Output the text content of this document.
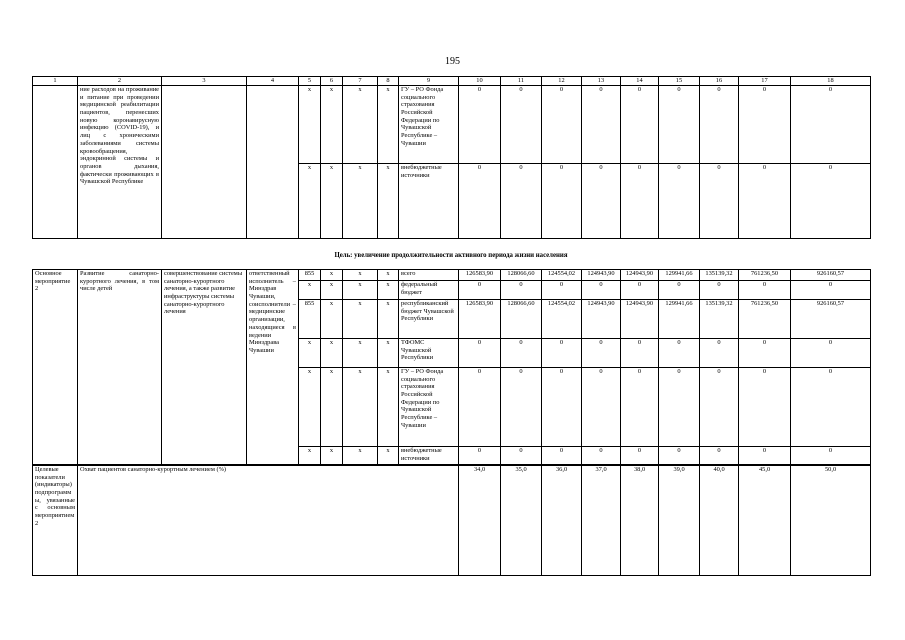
195
1	2	3	4	5	6	7	8	9	10	11	12	13	14	15	16	17	18
	ние расходов на проживание и питание при проведении медицинской реабилитации пациентов, перенесших новую коронавирусную инфекцию (COVID-19), и лиц с хроническими заболеваниями системы кровообращения, эндокринной системы и органов дыхания, фактически проживающих в Чувашской Республике			x	x	x	x	ГУ – РО Фонда социального страхования Российской Федерации по Чувашской Республике – Чувашии	0	0	0	0	0	0	0	0	0
				x	x	x	x	внебюджетные источники	0	0	0	0	0	0	0	0	0
Цель: увеличение продолжительности активного периода жизни населения
Основное мероприятие 2	Развитие санаторно-курортного лечения, в том числе детей	совершенствование системы санаторно-курортного лечения, а также развитие инфраструктуры системы санаторно-курортного лечения	ответственный исполнитель – Минздрав Чувашии, соисполнители – медицинские организации, находящиеся в ведении Минздрава Чувашии	855	x	x	x	всего	126583,90	128066,60	124554,02	124943,90	124943,90	129941,66	135139,32	761236,50	926160,57
				x	x	x	x	федеральный бюджет	0	0	0	0	0	0	0	0	0
				855	x	x	x	республиканский бюджет Чувашской Республики	126583,90	128066,60	124554,02	124943,90	124943,90	129941,66	135139,32	761236,50	926160,57
				x	x	x	x	ТФОМС Чувашской Республики	0	0	0	0	0	0	0	0	0
				x	x	x	x	ГУ – РО Фонда социального страхования Российской Федерации по Чувашской Республике – Чувашии	0	0	0	0	0	0	0	0	0
				x	x	x	x	внебюджетные источники	0	0	0	0	0	0	0	0	0
Целевые показатели (индикаторы) подпрограммы, увязанные с основным мероприятием 2	Охват пациентов санаторно-курортным лечением (%)	34,0	35,0	36,0	37,0	38,0	39,0	40,0	45,0	50,0
